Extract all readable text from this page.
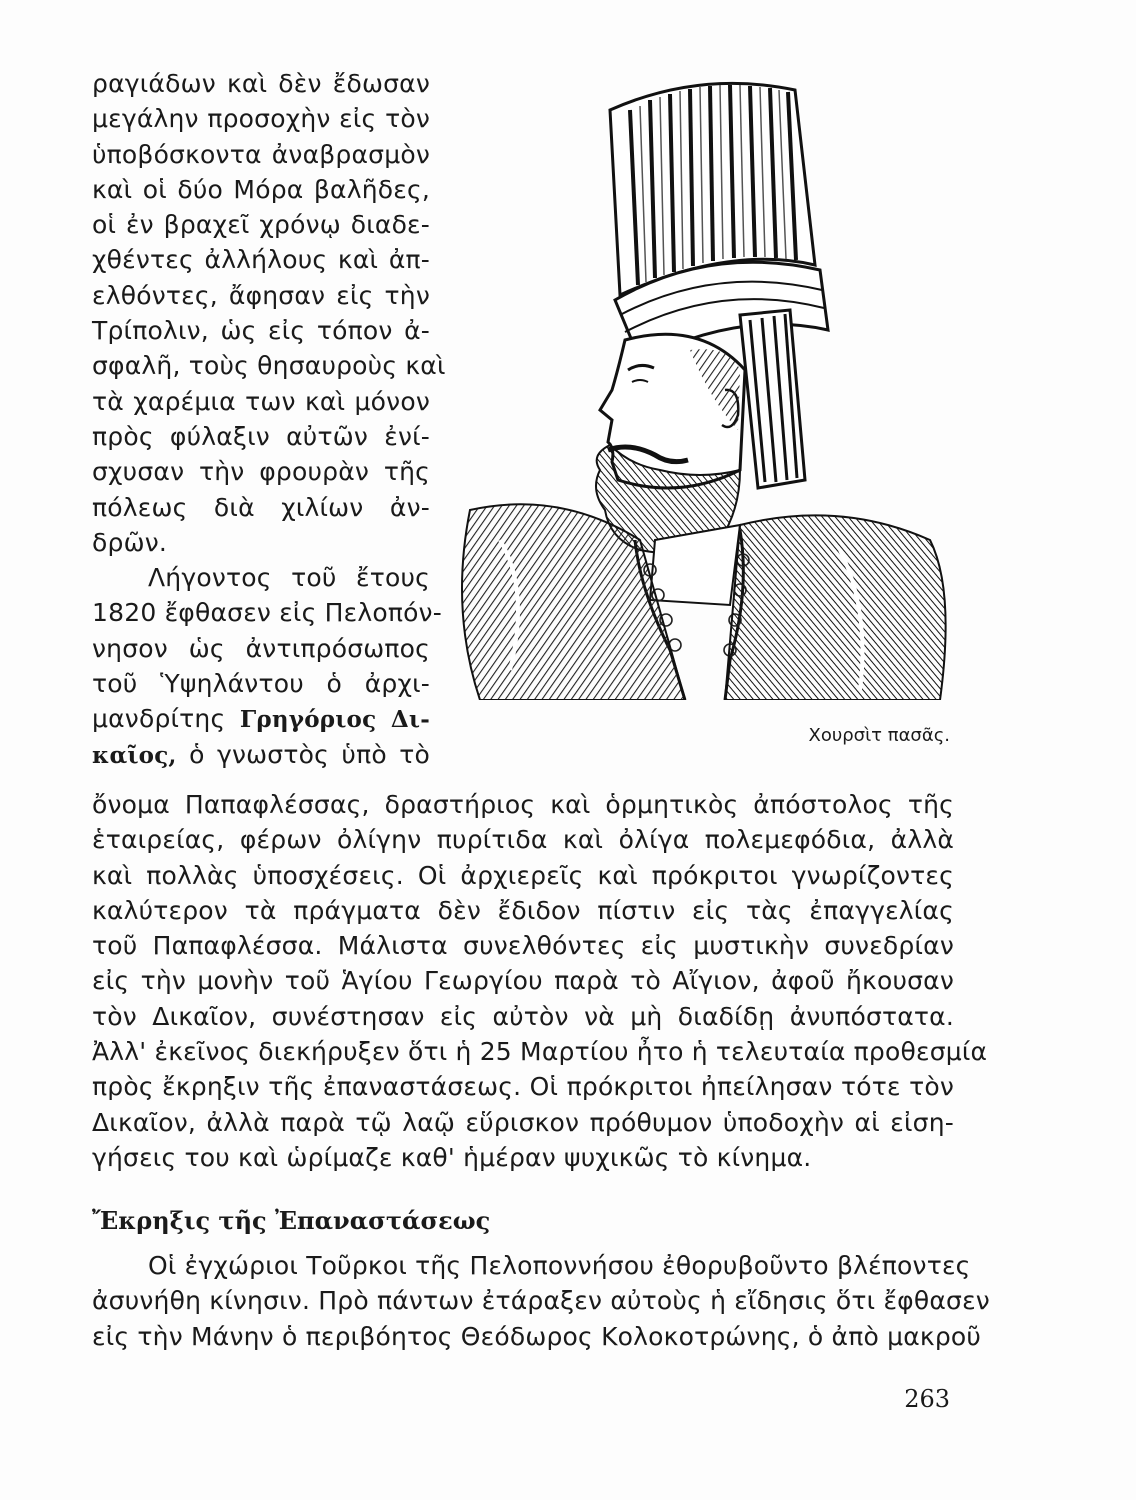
ραγιάδων καὶ δὲν ἔδωσαν
μεγάλην προσοχὴν εἰς τὸν
ὑποβόσκοντα ἀναβρασμὸν
καὶ οἱ δύο Μόρα βαλῆδες,
οἱ ἐν βραχεῖ χρόνῳ διαδε-
χθέντες ἀλλήλους καὶ ἀπ-
ελθόντες, ἄφησαν εἰς τὴν
Τρίπολιν, ὡς εἰς τόπον ἀ-
σφαλῆ, τοὺς θησαυροὺς καὶ
τὰ χαρέμια των καὶ μόνον
πρὸς φύλαξιν αὐτῶν ἐνί-
σχυσαν τὴν φρουρὰν τῆς
πόλεως διὰ χιλίων ἀν-
δρῶν.
Λήγοντος τοῦ ἔτους
1820 ἔφθασεν εἰς Πελοπόν-
νησον ὡς ἀντιπρόσωπος
τοῦ Ὑψηλάντου ὁ ἀρχι-
μανδρίτης Γρηγόριος Δι-
καῖος, ὁ γνωστὸς ὑπὸ τὸ
Χουρσὶτ πασᾶς.
ὄνομα Παπαφλέσσας, δραστήριος καὶ ὁρμητικὸς ἀπόστολος τῆς
ἑταιρείας, φέρων ὀλίγην πυρίτιδα καὶ ὀλίγα πολεμεφόδια, ἀλλὰ
καὶ πολλὰς ὑποσχέσεις. Οἱ ἀρχιερεῖς καὶ πρόκριτοι γνωρίζοντες
καλύτερον τὰ πράγματα δὲν ἔδιδον πίστιν εἰς τὰς ἐπαγγελίας
τοῦ Παπαφλέσσα. Μάλιστα συνελθόντες εἰς μυστικὴν συνεδρίαν
εἰς τὴν μονὴν τοῦ Ἁγίου Γεωργίου παρὰ τὸ Αἴγιον, ἀφοῦ ἤκουσαν
τὸν Δικαῖον, συνέστησαν εἰς αὐτὸν νὰ μὴ διαδίδῃ ἀνυπόστατα.
Ἀλλ' ἐκεῖνος διεκήρυξεν ὅτι ἡ 25 Μαρτίου ἦτο ἡ τελευταία προθεσμία
πρὸς ἔκρηξιν τῆς ἐπαναστάσεως. Οἱ πρόκριτοι ἠπείλησαν τότε τὸν
Δικαῖον, ἀλλὰ παρὰ τῷ λαῷ εὕρισκον πρόθυμον ὑποδοχὴν αἱ εἰση-
γήσεις του καὶ ὡρίμαζε καθ' ἡμέραν ψυχικῶς τὸ κίνημα.
Ἔκρηξις τῆς Ἐπαναστάσεως
Οἱ ἐγχώριοι Τοῦρκοι τῆς Πελοποννήσου ἐθορυβοῦντο βλέποντες
ἀσυνήθη κίνησιν. Πρὸ πάντων ἐτάραξεν αὐτοὺς ἡ εἴδησις ὅτι ἔφθασεν
εἰς τὴν Μάνην ὁ περιβόητος Θεόδωρος Κολοκοτρώνης, ὁ ἀπὸ μακροῦ
263
